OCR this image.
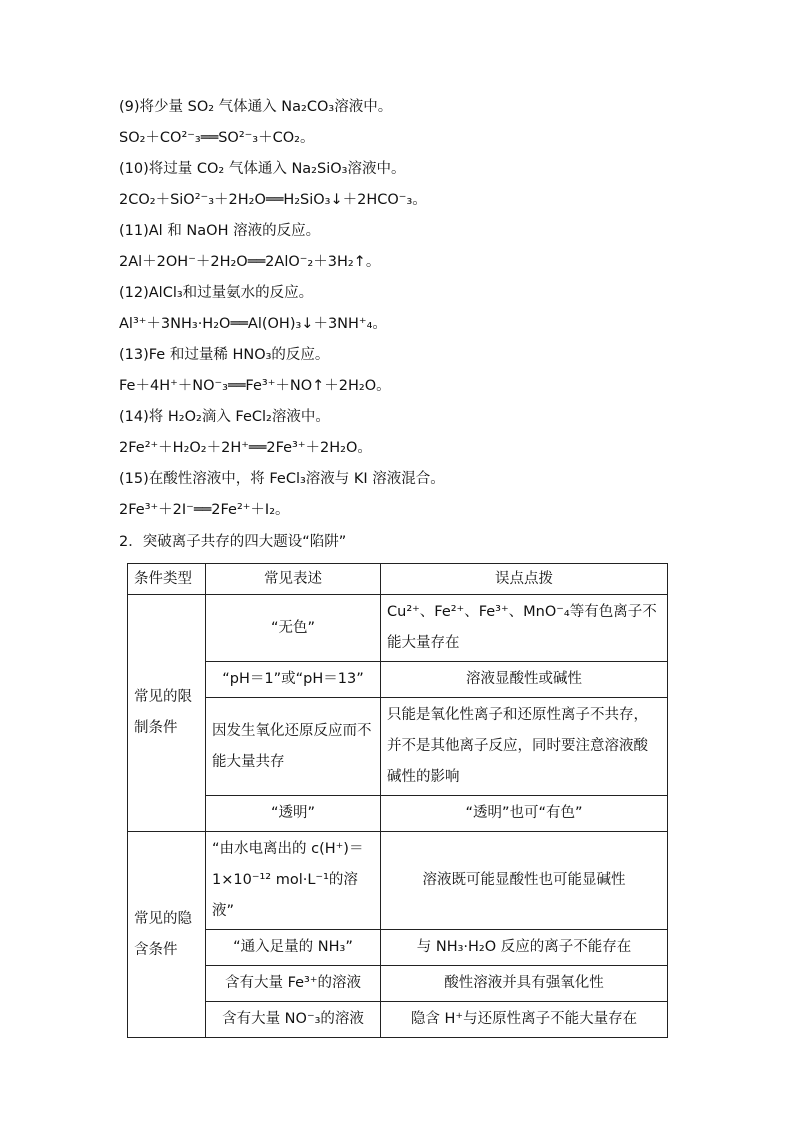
(9)将少量 SO₂ 气体通入 Na₂CO₃溶液中。
SO₂＋CO²⁻₃══SO²⁻₃＋CO₂。
(10)将过量 CO₂ 气体通入 Na₂SiO₃溶液中。
2CO₂＋SiO²⁻₃＋2H₂O══H₂SiO₃↓＋2HCO⁻₃。
(11)Al 和 NaOH 溶液的反应。
2Al＋2OH⁻＋2H₂O══2AlO⁻₂＋3H₂↑。
(12)AlCl₃和过量氨水的反应。
Al³⁺＋3NH₃·H₂O══Al(OH)₃↓＋3NH⁺₄。
(13)Fe 和过量稀 HNO₃的反应。
Fe＋4H⁺＋NO⁻₃══Fe³⁺＋NO↑＋2H₂O。
(14)将 H₂O₂滴入 FeCl₂溶液中。
2Fe²⁺＋H₂O₂＋2H⁺══2Fe³⁺＋2H₂O。
(15)在酸性溶液中，将 FeCl₃溶液与 KI 溶液混合。
2Fe³⁺＋2I⁻══2Fe²⁺＋I₂。
2．突破离子共存的四大题设“陷阱”
条件类型	常见表述	误点点拨
常见的限制条件	“无色”	Cu²⁺、Fe²⁺、Fe³⁺、MnO⁻₄等有色离子不能大量存在
	“pH＝1”或“pH＝13”	溶液显酸性或碱性
	因发生氧化还原反应而不能大量共存	只能是氧化性离子和还原性离子不共存，并不是其他离子反应，同时要注意溶液酸碱性的影响
	“透明”	“透明”也可“有色”
常见的隐含条件	“由水电离出的 c(H⁺)＝1×10⁻¹² mol·L⁻¹的溶液”	溶液既可能显酸性也可能显碱性
	“通入足量的 NH₃”	与 NH₃·H₂O 反应的离子不能存在
	含有大量 Fe³⁺的溶液	酸性溶液并具有强氧化性
	含有大量 NO⁻₃的溶液	隐含 H⁺与还原性离子不能大量存在
